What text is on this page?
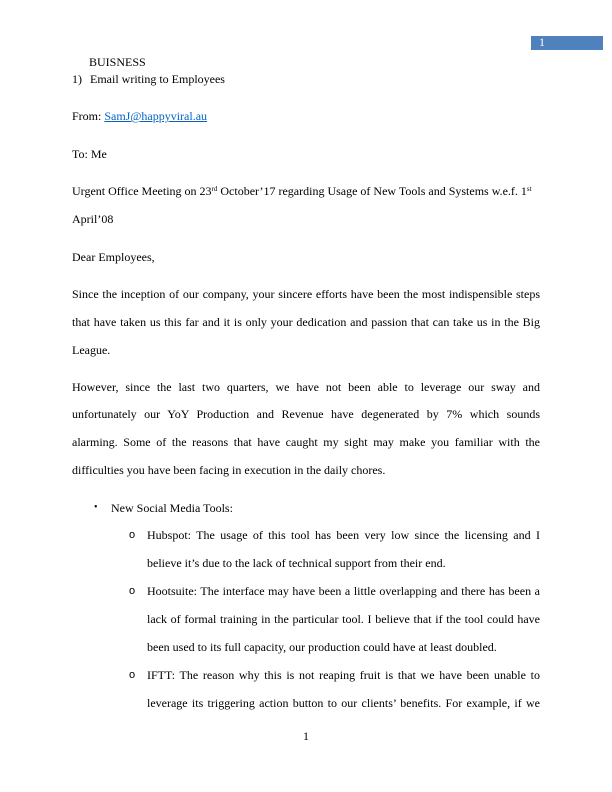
1
BUISNESS
1) Email writing to Employees
From: SamJ@happyviral.au
To: Me
Urgent Office Meeting on 23rd October’17 regarding Usage of New Tools and Systems w.e.f. 1st
April’08
Dear Employees,
Since the inception of our company, your sincere efforts have been the most indispensible steps
that have taken us this far and it is only your dedication and passion that can take us in the Big
League.
However, since the last two quarters, we have not been able to leverage our sway and
unfortunately our YoY Production and Revenue have degenerated by 7% which sounds
alarming. Some of the reasons that have caught my sight may make you familiar with the
difficulties you have been facing in execution in the daily chores.
• New Social Media Tools:
o Hubspot: The usage of this tool has been very low since the licensing and I
believe it’s due to the lack of technical support from their end.
o Hootsuite: The interface may have been a little overlapping and there has been a
lack of formal training in the particular tool. I believe that if the tool could have
been used to its full capacity, our production could have at least doubled.
o IFTT: The reason why this is not reaping fruit is that we have been unable to
leverage its triggering action button to our clients’ benefits. For example, if we
1
